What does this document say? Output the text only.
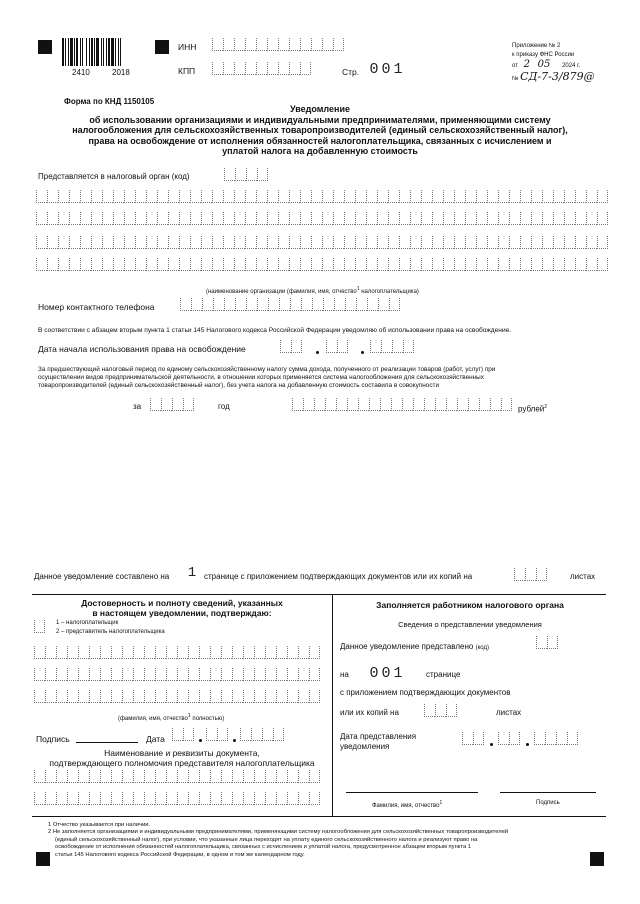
2410	2018
ИНН
КПП	Стр. 0 0 1
Приложение № 2
к приказу ФНС России
от 2 05 2024 г.
№ СД-7-3/879@
Форма по КНД 1150105
Уведомление
об использовании организациями и индивидуальными предпринимателями, применяющими систему
налогообложения для сельскохозяйственных товаропроизводителей (единый сельскохозяйственный налог),
права на освобождение от исполнения обязанностей налогоплательщика, связанных с исчислением и
уплатой налога на добавленную стоимость
Представляется в налоговый орган (код)
(наименование организации (фамилия, имя, отчество$^1$ налогоплательщика)
Номер контактного телефона
В соответствии с абзацем вторым пункта 1 статьи 145 Налогового кодекса Российской Федерации уведомляю об использовании права на освобождение.
Дата начала использования права на освобождение
За предшествующий налоговый период по единому сельскохозяйственному налогу сумма дохода, полученного от реализации товаров (работ, услуг) при
осуществлении видов предпринимательской деятельности, в отношении которых применяется система налогообложения для сельскохозяйственных
товаропроизводителей (единый сельскохозяйственный налог), без учета налога на добавленную стоимость составила в совокупности
за	год	рублей$^2$
Данное уведомление составлено на 1 странице с приложением подтверждающих документов или их копий на	листах
Достоверность и полноту сведений, указанных
в настоящем уведомлении, подтверждаю:
1 – налогоплательщик
2 – представитель налогоплательщика
(фамилия, имя, отчество$^1$ полностью)
Подпись	Дата
Наименование и реквизиты документа,
подтверждающего полномочия представителя налогоплательщика
Заполняется работником налогового органа
Сведения о представлении уведомления
Данное уведомление представлено (код)
на 0 0 1	странице
с приложением подтверждающих документов
или их копий на	листах
Дата представления
уведомления
Фамилия, имя, отчество$^1$	Подпись
1 Отчество указывается при наличии.
2 Не заполняется организациями и индивидуальными предпринимателями, применяющими систему налогообложения для сельскохозяйственных товаропроизводителей
(единый сельскохозяйственный налог), при условии, что указанные лица переходят на уплату единого сельскохозяйственного налога и реализуют право на
освобождение от исполнения обязанностей налогоплательщика, связанных с исчислением и уплатой налога, предусмотренное абзацем вторым пункта 1
статьи 145 Налогового кодекса Российской Федерации, в одном и том же календарном году.
